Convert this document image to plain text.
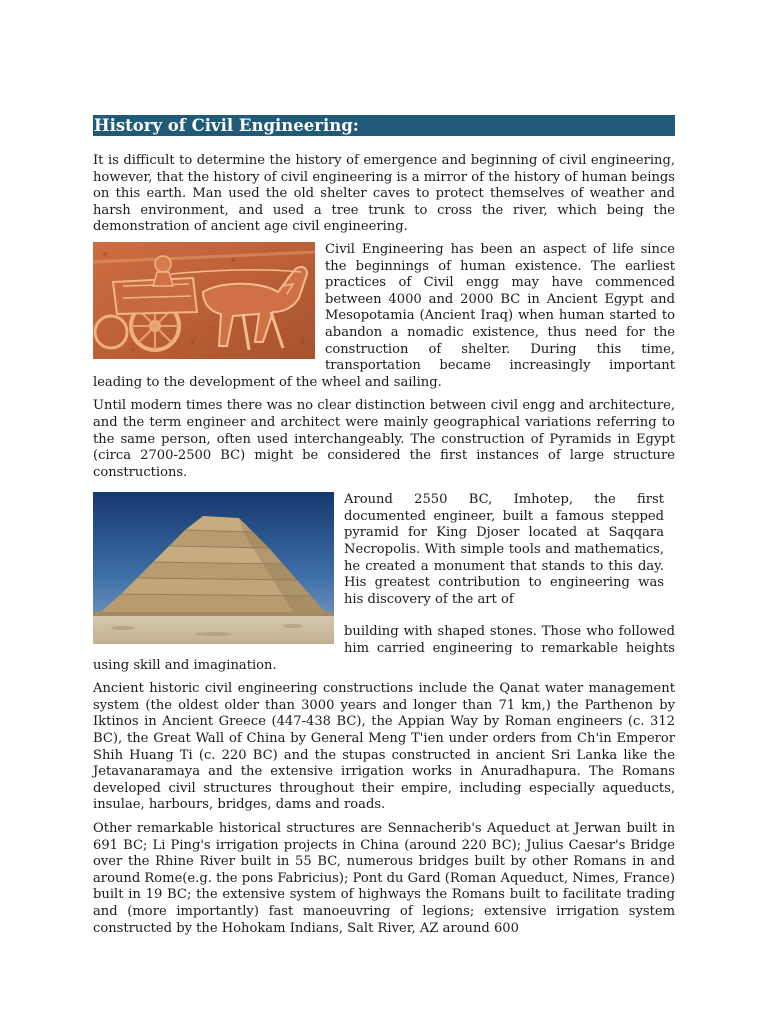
History of Civil Engineering:

It is difficult to determine the history of emergence and beginning of civil engineering, however, that the history of civil engineering is a mirror of the history of human beings on this earth. Man used the old shelter caves to protect themselves of weather and harsh environment, and used a tree trunk to cross the river, which being the demonstration of ancient age civil engineering.

Civil Engineering has been an aspect of life since the beginnings of human existence. The earliest practices of Civil engg may have commenced between 4000 and 2000 BC in Ancient Egypt and Mesopotamia (Ancient Iraq) when human started to abandon a nomadic existence, thus need for the construction of shelter. During this time, transportation became increasingly important leading to the development of the wheel and sailing.

Until modern times there was no clear distinction between civil engg and architecture, and the term engineer and architect were mainly geographical variations referring to the same person, often used interchangeably. The construction of Pyramids in Egypt (circa 2700-2500 BC) might be considered the first instances of large structure constructions.

Around 2550 BC, Imhotep, the first documented engineer, built a famous stepped pyramid for King Djoser located at Saqqara Necropolis. With simple tools and mathematics, he created a monument that stands to this day. His greatest contribution to engineering was his discovery of the art of

building with shaped stones. Those who followed him carried engineering to remarkable heights using skill and imagination.

Ancient historic civil engineering constructions include the Qanat water management system (the oldest older than 3000 years and longer than 71 km,) the Parthenon by Iktinos in Ancient Greece (447-438 BC), the Appian Way by Roman engineers (c. 312 BC), the Great Wall of China by General Meng T'ien under orders from Ch'in Emperor Shih Huang Ti (c. 220 BC) and the stupas constructed in ancient Sri Lanka like the Jetavanaramaya and the extensive irrigation works in Anuradhapura. The Romans developed civil structures throughout their empire, including especially aqueducts, insulae, harbours, bridges, dams and roads.

Other remarkable historical structures are Sennacherib's Aqueduct at Jerwan built in 691 BC; Li Ping's irrigation projects in China (around 220 BC); Julius Caesar's Bridge over the Rhine River built in 55 BC, numerous bridges built by other Romans in and around Rome(e.g. the pons Fabricius); Pont du Gard (Roman Aqueduct, Nimes, France) built in 19 BC; the extensive system of highways the Romans built to facilitate trading and (more importantly) fast manoeuvring of legions; extensive irrigation system constructed by the Hohokam Indians, Salt River, AZ around 600
